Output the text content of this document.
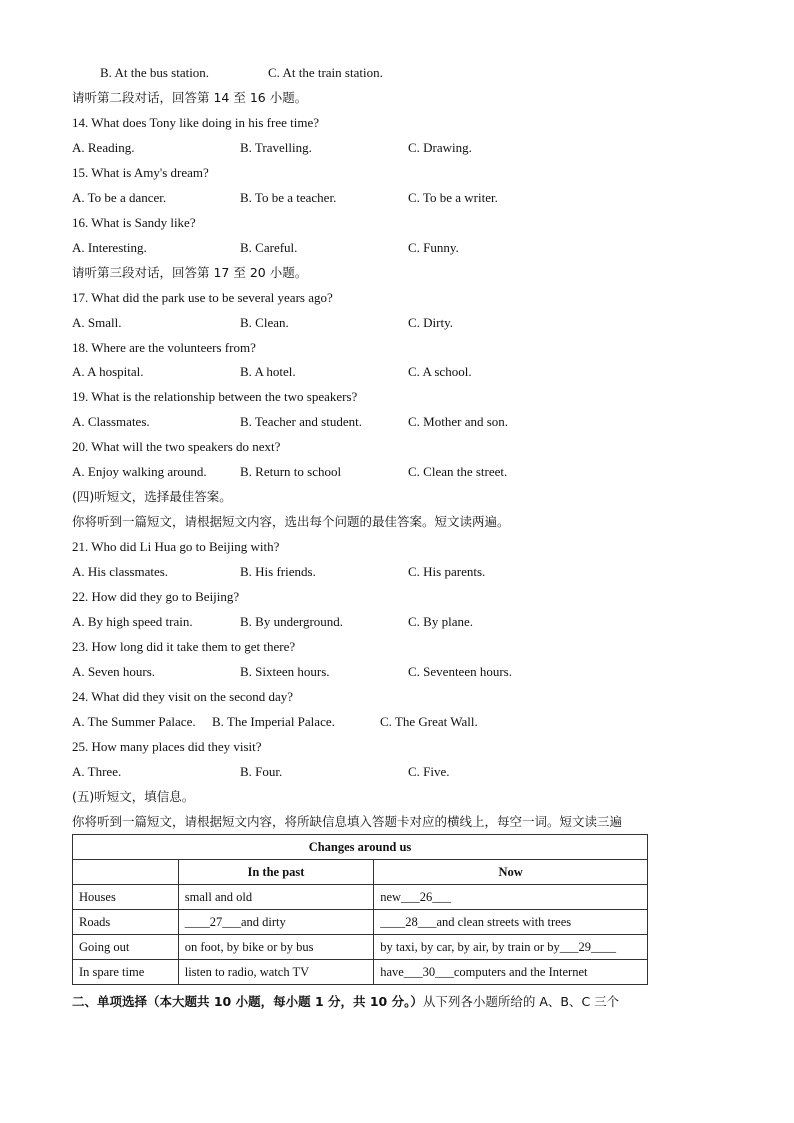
B. At the bus station.	C. At the train station.
请听第二段对话，回答第 14 至 16 小题。
14. What does Tony like doing in his free time?
A. Reading.	B. Travelling.	C. Drawing.
15. What is Amy's dream?
A. To be a dancer.	B. To be a teacher.	C. To be a writer.
16. What is Sandy like?
A. Interesting.	B. Careful.	C. Funny.
请听第三段对话，回答第 17 至 20 小题。
17. What did the park use to be several years ago?
A. Small.	B. Clean.	C. Dirty.
18. Where are the volunteers from?
A. A hospital.	B. A hotel.	C. A school.
19. What is the relationship between the two speakers?
A. Classmates.	B. Teacher and student.	C. Mother and son.
20. What will the two speakers do next?
A. Enjoy walking around.	B. Return to school	C. Clean the street.
(四)听短文，选择最佳答案。
你将听到一篇短文，请根据短文内容，选出每个问题的最佳答案。短文读两遍。
21. Who did Li Hua go to Beijing with?
A. His classmates.	B. His friends.	C. His parents.
22. How did they go to Beijing?
A. By high speed train.	B. By underground.	C. By plane.
23. How long did it take them to get there?
A. Seven hours.	B. Sixteen hours.	C. Seventeen hours.
24. What did they visit on the second day?
A. The Summer Palace. B. The Imperial Palace.	C. The Great Wall.
25. How many places did they visit?
A. Three.	B. Four.	C. Five.
(五)听短文，填信息。
你将听到一篇短文，请根据短文内容，将所缺信息填入答题卡对应的横线上，每空一词。短文读三遍
Changes around us		
	In the past	Now
Houses	small and old	new___26___
Roads	____27___and dirty	____28___and clean streets with trees
Going out	on foot, by bike or by bus	by taxi, by car, by air, by train or by___29____
In spare time	listen to radio, watch TV	have___30___computers and the Internet
二、单项选择（本大题共 10 小题，每小题 1 分，共 10 分。）从下列各小题所给的 A、B、C 三个
